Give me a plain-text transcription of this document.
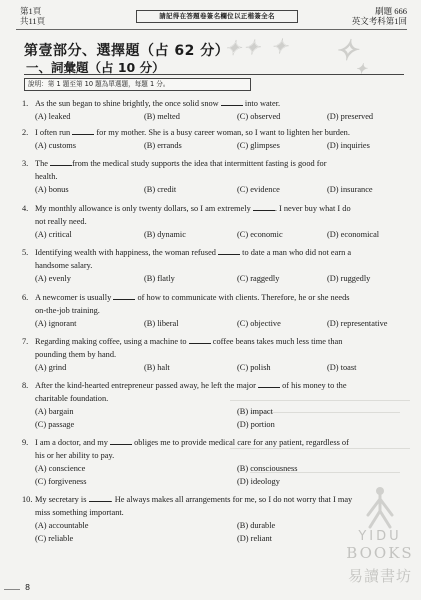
第1頁
共11頁	請記得在答題卷簽名欄位以正楷簽全名	刷題 666
英文考科第1回
✦✦ ✦ ✧
✦
第壹部分、選擇題（占 62 分）
一、詞彙題（占 10 分）
說明：第 1 題至第 10 題為單選題，每題 1 分。
1. As the sun began to shine brightly, the once solid snow	into water.
(A) leaked	(B) melted	(C) observed	(D) preserved
2. I often run	for my mother. She is a busy career woman, so I want to lighten her burden.
(A) customs	(B) errands	(C) glimpses	(D) inquiries
3. The	from the medical study supports the idea that intermittent fasting is good for
health.
(A) bonus	(B) credit	(C) evidence	(D) insurance
4. My monthly allowance is only twenty dollars, so I am extremely	. I never buy what I do
not really need.
(A) critical	(B) dynamic	(C) economic	(D) economical
5. Identifying wealth with happiness, the woman refused	to date a man who did not earn a
handsome salary.
(A) evenly	(B) flatly	(C) raggedly	(D) ruggedly
6. A newcomer is usually	of how to communicate with clients. Therefore, he or she needs
on-the-job training.
(A) ignorant	(B) liberal	(C) objective	(D) representative
7. Regarding making coffee, using a machine to	coffee beans takes much less time than
pounding them by hand.
(A) grind	(B) halt	(C) polish	(D) toast
8. After the kind-hearted entrepreneur passed away, he left the major	of his money to the
charitable foundation.
(A) bargain	(B) impact
(C) passage	(D) portion
9. I am a doctor, and my	obliges me to provide medical care for any patient, regardless of
his or her ability to pay.
(A) conscience	(B) consciousness
(C) forgiveness	(D) ideology
10. My secretary is	. He always makes all arrangements for me, so I do not worry that I may
miss something important.
(A) accountable	(B) durable
(C) reliable	(D) reliant	YIDU
BOOKS
易讀書坊
8
